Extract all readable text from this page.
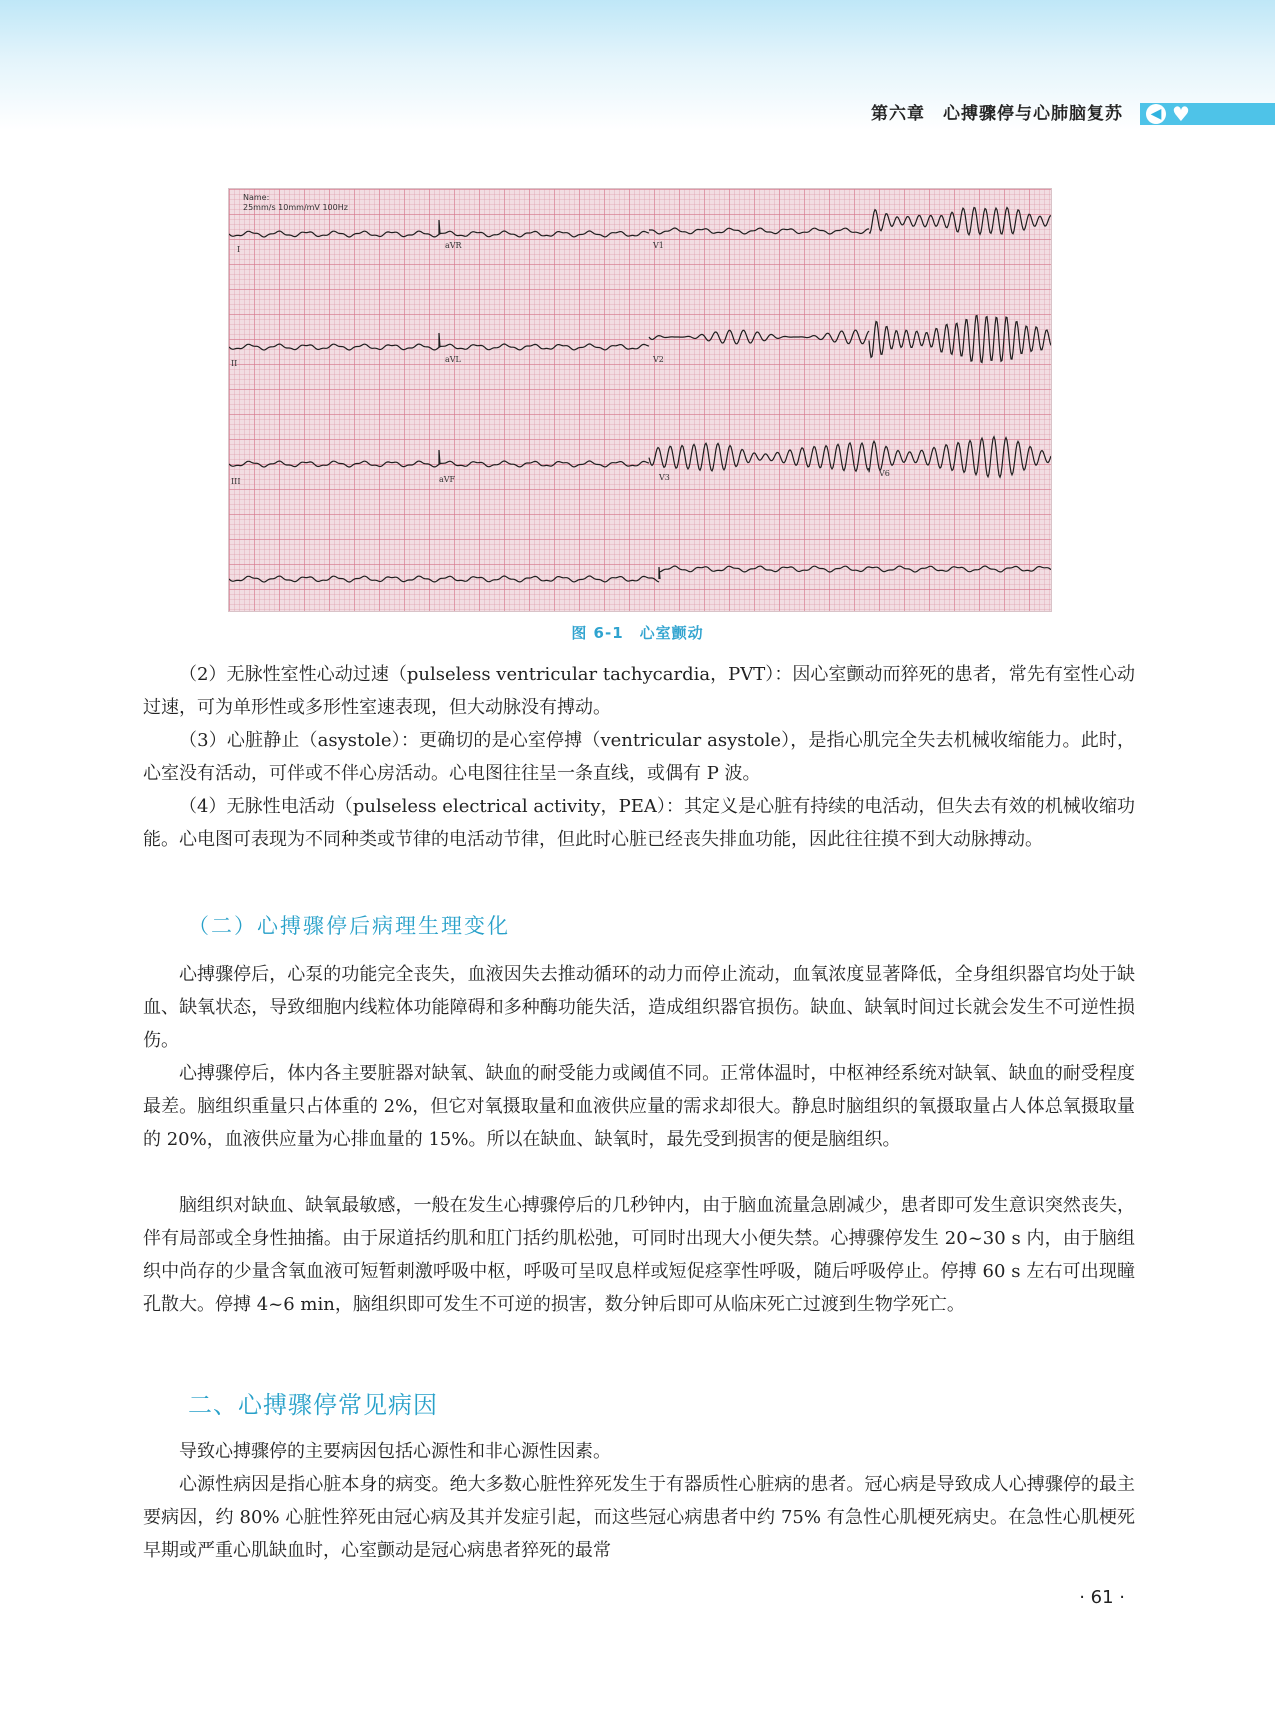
第六章　心搏骤停与心肺脑复苏	◀ ♥
Name:
25mm/s 10mm/mV 100Hz
I	aVR	V1
II	aVL	V2
III	aVF	V3	V6
图 6-1　心室颤动

（2）无脉性室性心动过速（pulseless ventricular tachycardia，PVT）：因心室颤动而猝死的患者，常先有室性心动过速，可为单形性或多形性室速表现，但大动脉没有搏动。

（3）心脏静止（asystole）：更确切的是心室停搏（ventricular asystole），是指心肌完全失去机械收缩能力。此时，心室没有活动，可伴或不伴心房活动。心电图往往呈一条直线，或偶有 P 波。

（4）无脉性电活动（pulseless electrical activity，PEA）：其定义是心脏有持续的电活动，但失去有效的机械收缩功能。心电图可表现为不同种类或节律的电活动节律，但此时心脏已经丧失排血功能，因此往往摸不到大动脉搏动。

（二）心搏骤停后病理生理变化

心搏骤停后，心泵的功能完全丧失，血液因失去推动循环的动力而停止流动，血氧浓度显著降低，全身组织器官均处于缺血、缺氧状态，导致细胞内线粒体功能障碍和多种酶功能失活，造成组织器官损伤。缺血、缺氧时间过长就会发生不可逆性损伤。

心搏骤停后，体内各主要脏器对缺氧、缺血的耐受能力或阈值不同。正常体温时，中枢神经系统对缺氧、缺血的耐受程度最差。脑组织重量只占体重的 2%，但它对氧摄取量和血液供应量的需求却很大。静息时脑组织的氧摄取量占人体总氧摄取量的 20%，血液供应量为心排血量的 15%。所以在缺血、缺氧时，最先受到损害的便是脑组织。

脑组织对缺血、缺氧最敏感，一般在发生心搏骤停后的几秒钟内，由于脑血流量急剧减少，患者即可发生意识突然丧失，伴有局部或全身性抽搐。由于尿道括约肌和肛门括约肌松弛，可同时出现大小便失禁。心搏骤停发生 20~30 s 内，由于脑组织中尚存的少量含氧血液可短暂刺激呼吸中枢，呼吸可呈叹息样或短促痉挛性呼吸，随后呼吸停止。停搏 60 s 左右可出现瞳孔散大。停搏 4~6 min，脑组织即可发生不可逆的损害，数分钟后即可从临床死亡过渡到生物学死亡。

二、心搏骤停常见病因

导致心搏骤停的主要病因包括心源性和非心源性因素。

心源性病因是指心脏本身的病变。绝大多数心脏性猝死发生于有器质性心脏病的患者。冠心病是导致成人心搏骤停的最主要病因，约 80% 心脏性猝死由冠心病及其并发症引起，而这些冠心病患者中约 75% 有急性心肌梗死病史。在急性心肌梗死早期或严重心肌缺血时，心室颤动是冠心病患者猝死的最常

· 61 ·
